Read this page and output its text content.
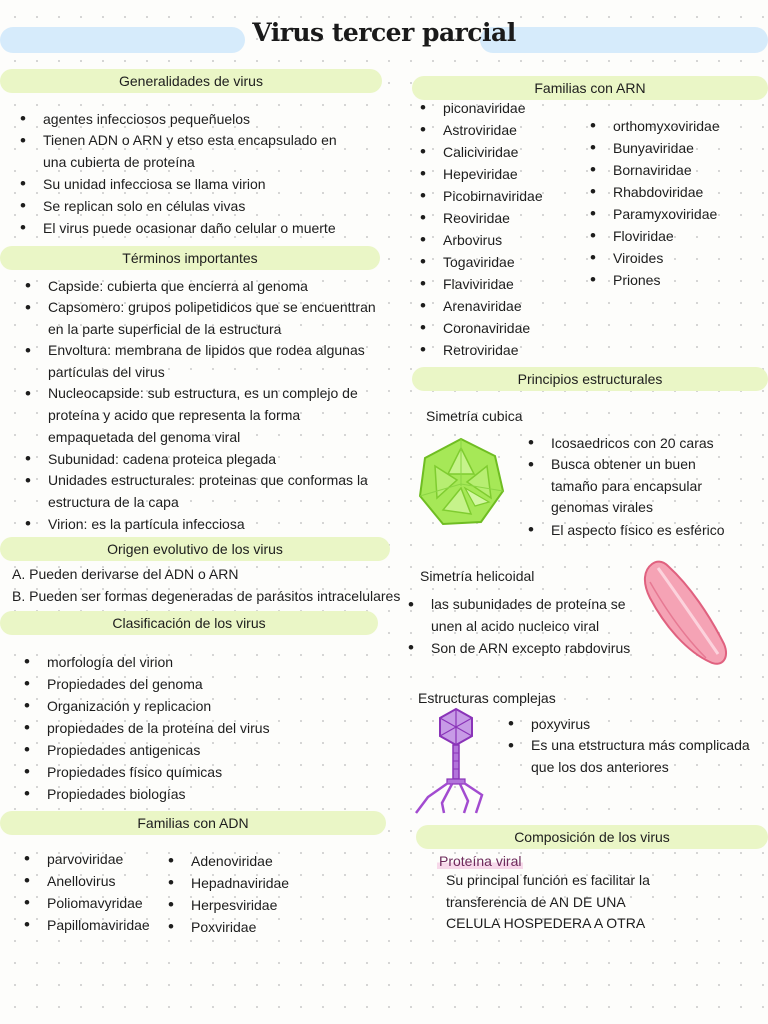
Virus tercer parcial
Generalidades de virus
• agentes infecciosos pequeñuelos
• Tienen ADN o ARN y etso esta encapsulado en una cubierta de proteína
• Su unidad infecciosa se llama virion
• Se replican solo en células vivas
• El virus puede ocasionar daño celular o muerte
Términos importantes
• Capside: cubierta que encierra al genoma
• Capsomero: grupos polipetidicos que se encuenttran en la parte superficial de la estructura
• Envoltura: membrana de lipidos que rodea algunas partículas del virus
• Nucleocapside: sub estructura, es un complejo de proteína y acido que representa la forma empaquetada del genoma viral
• Subunidad: cadena proteica plegada
• Unidades estructurales: proteinas que conformas la estructura de la capa
• Virion: es la partícula infecciosa
Origen evolutivo de los virus
A. Pueden derivarse del ADN o ARN
B. Pueden ser formas degeneradas de parásitos intracelulares
Clasificación de los virus
• morfología del virion
• Propiedades del genoma
• Organización y replicacion
• propiedades de la proteína del virus
• Propiedades antigenicas
• Propiedades físico químicas
• Propiedades biologías
Familias con ADN
• parvoviridae
• Anellovirus
• Poliomavyridae
• Papillomaviridae
• Adenoviridae
• Hepadnaviridae
• Herpesviridae
• Poxviridae
Familias con ARN
• piconaviridae
• Astroviridae
• Caliciviridae
• Hepeviridae
• Picobirnaviridae
• Reoviridae
• Arbovirus
• Togaviridae
• Flaviviridae
• Arenaviridae
• Coronaviridae
• Retroviridae
• orthomyxoviridae
• Bunyaviridae
• Bornaviridae
• Rhabdoviridae
• Paramyxoviridae
• Floviridae
• Viroides
• Priones
Principios estructurales
Simetría cubica
• Icosaedricos con 20 caras
• Busca obtener un buen tamaño para encapsular genomas virales
• El aspecto físico es esférico
Simetría helicoidal
• las subunidades de proteína se unen al acido nucleico viral
• Son de ARN excepto rabdovirus
Estructuras complejas
• poxyvirus
• Es una etstructura más complicada que los dos anteriores
Composición de los virus
Proteína viral
Su principal función es facilitar la transferencia de AN DE UNA CELULA HOSPEDERA A OTRA
